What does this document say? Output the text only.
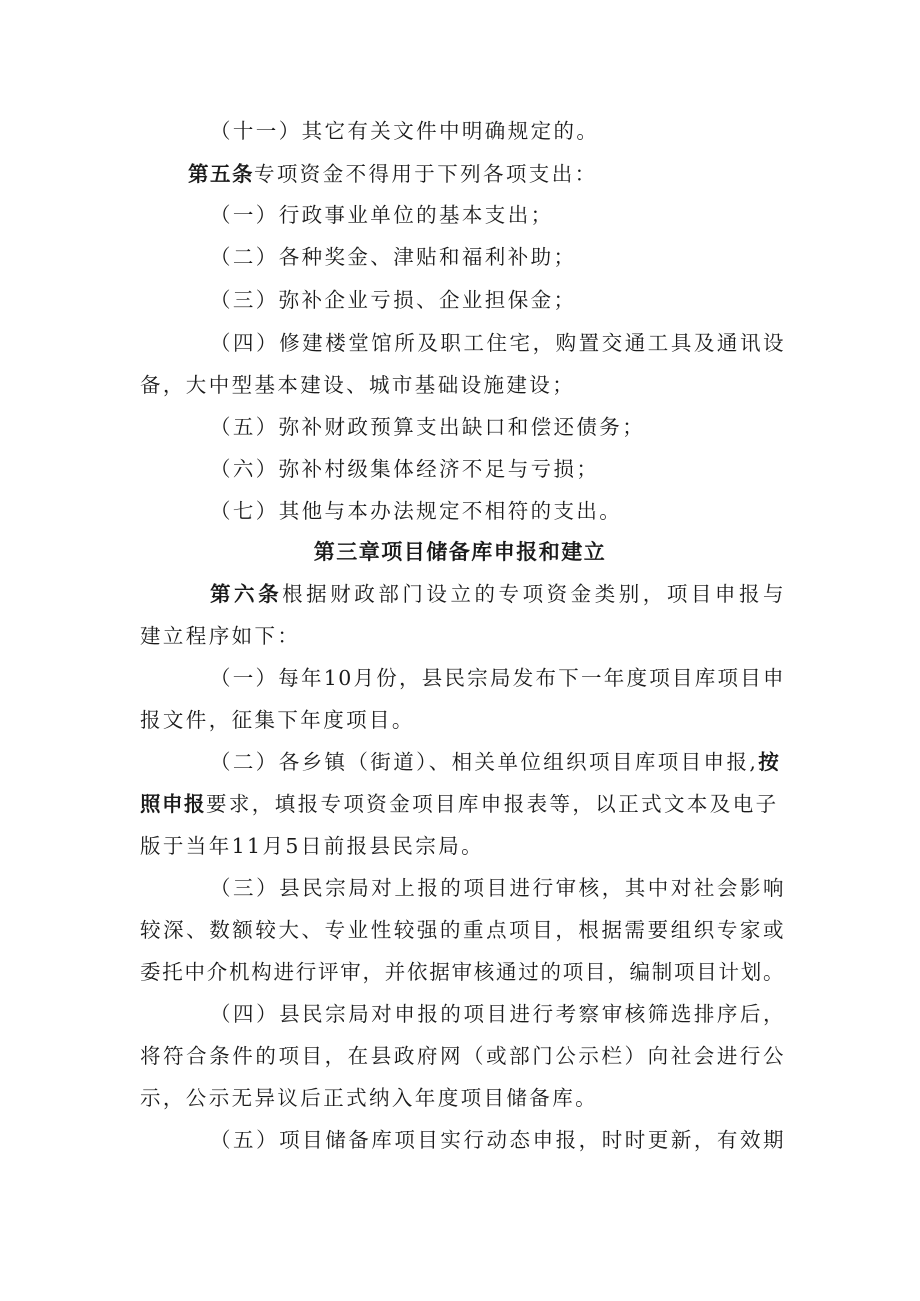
（十一）其它有关文件中明确规定的。
第五条专项资金不得用于下列各项支出：
（一）行政事业单位的基本支出；
（二）各种奖金、津贴和福利补助；
（三）弥补企业亏损、企业担保金；
（四）修建楼堂馆所及职工住宅，购置交通工具及通讯设
备，大中型基本建设、城市基础设施建设；
（五）弥补财政预算支出缺口和偿还债务；
（六）弥补村级集体经济不足与亏损；
（七）其他与本办法规定不相符的支出。
第三章项目储备库申报和建立
第六条根据财政部门设立的专项资金类别，项目申报与
建立程序如下：
（一）每年10月份，县民宗局发布下一年度项目库项目申
报文件，征集下年度项目。
（二）各乡镇（街道）、相关单位组织项目库项目申报,按
照申报要求，填报专项资金项目库申报表等，以正式文本及电子
版于当年11月5日前报县民宗局。
（三）县民宗局对上报的项目进行审核，其中对社会影响
较深、数额较大、专业性较强的重点项目，根据需要组织专家或
委托中介机构进行评审，并依据审核通过的项目，编制项目计划。
（四）县民宗局对申报的项目进行考察审核筛选排序后，
将符合条件的项目，在县政府网（或部门公示栏）向社会进行公
示，公示无异议后正式纳入年度项目储备库。
（五）项目储备库项目实行动态申报，时时更新，有效期
